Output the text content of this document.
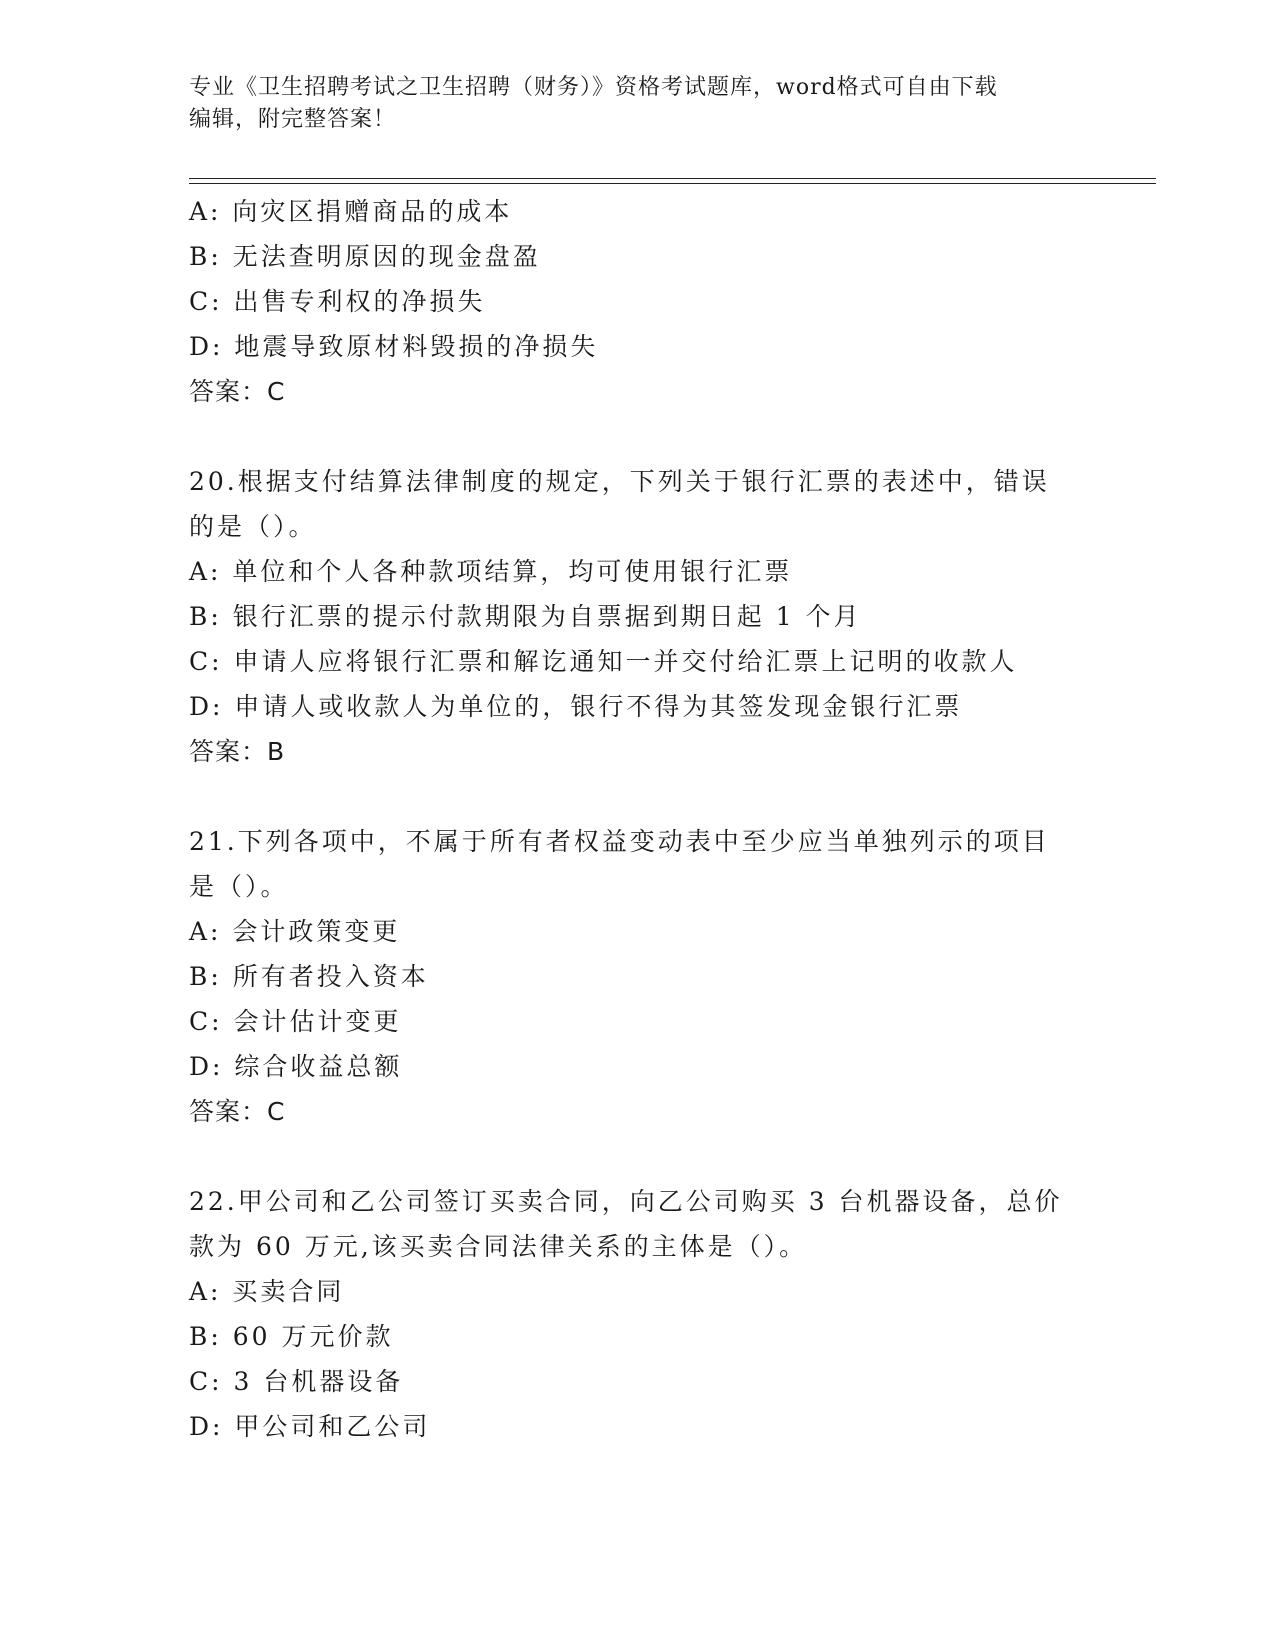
专业《卫生招聘考试之卫生招聘（财务）》资格考试题库，word格式可自由下载
编辑，附完整答案！
A: 向灾区捐赠商品的成本
B: 无法查明原因的现金盘盈
C: 出售专利权的净损失
D: 地震导致原材料毁损的净损失
答案：C
20.根据支付结算法律制度的规定，下列关于银行汇票的表述中，错误
的是（）。
A: 单位和个人各种款项结算，均可使用银行汇票
B: 银行汇票的提示付款期限为自票据到期日起 1 个月
C: 申请人应将银行汇票和解讫通知一并交付给汇票上记明的收款人
D: 申请人或收款人为单位的，银行不得为其签发现金银行汇票
答案：B
21.下列各项中，不属于所有者权益变动表中至少应当单独列示的项目
是（）。
A: 会计政策变更
B: 所有者投入资本
C: 会计估计变更
D: 综合收益总额
答案：C
22.甲公司和乙公司签订买卖合同，向乙公司购买 3 台机器设备，总价
款为 60 万元,该买卖合同法律关系的主体是（）。
A: 买卖合同
B: 60 万元价款
C: 3 台机器设备
D: 甲公司和乙公司
